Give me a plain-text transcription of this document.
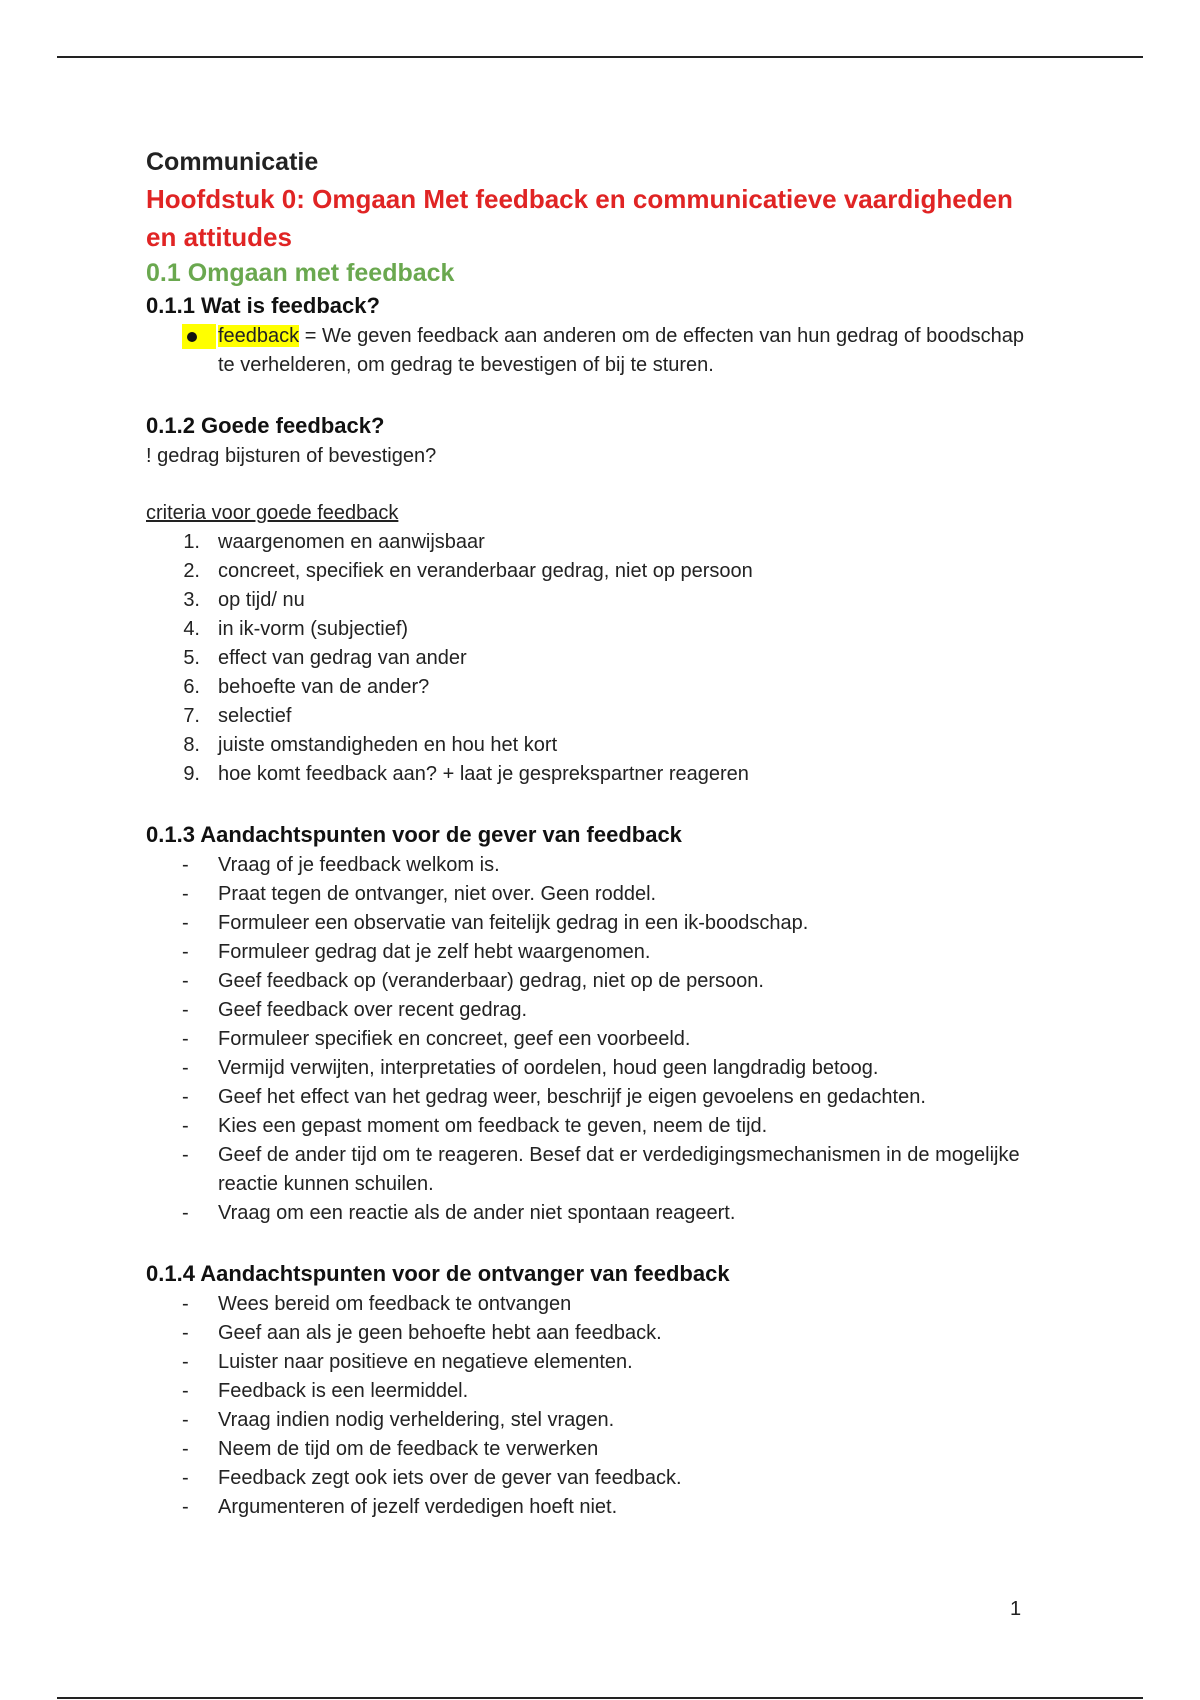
Communicatie
Hoofdstuk 0: Omgaan Met feedback en communicatieve vaardigheden en attitudes
0.1 Omgaan met feedback
0.1.1 Wat is feedback?
feedback = We geven feedback aan anderen om de effecten van hun gedrag of boodschap te verhelderen, om gedrag te bevestigen of bij te sturen.
0.1.2 Goede feedback?

! gedrag bijsturen of bevestigen?

criteria voor goede feedback

1. waargenomen en aanwijsbaar
2. concreet, specifiek en veranderbaar gedrag, niet op persoon
3. op tijd/ nu
4. in ik-vorm (subjectief)
5. effect van gedrag van ander
6. behoefte van de ander?
7. selectief
8. juiste omstandigheden en hou het kort
9. hoe komt feedback aan? + laat je gesprekspartner reageren
0.1.3 Aandachtspunten voor de gever van feedback
-	Vraag of je feedback welkom is.
-	Praat tegen de ontvanger, niet over. Geen roddel.
-	Formuleer een observatie van feitelijk gedrag in een ik-boodschap.
-	Formuleer gedrag dat je zelf hebt waargenomen.
-	Geef feedback op (veranderbaar) gedrag, niet op de persoon.
-	Geef feedback over recent gedrag.
-	Formuleer specifiek en concreet, geef een voorbeeld.
-	Vermijd verwijten, interpretaties of oordelen, houd geen langdradig betoog.
-	Geef het effect van het gedrag weer, beschrijf je eigen gevoelens en gedachten.
-	Kies een gepast moment om feedback te geven, neem de tijd.
-	Geef de ander tijd om te reageren. Besef dat er verdedigingsmechanismen in de mogelijke reactie kunnen schuilen.
-	Vraag om een reactie als de ander niet spontaan reageert.
0.1.4 Aandachtspunten voor de ontvanger van feedback
-	Wees bereid om feedback te ontvangen
-	Geef aan als je geen behoefte hebt aan feedback.
-	Luister naar positieve en negatieve elementen.
-	Feedback is een leermiddel.
-	Vraag indien nodig verheldering, stel vragen.
-	Neem de tijd om de feedback te verwerken
-	Feedback zegt ook iets over de gever van feedback.
-	Argumenteren of jezelf verdedigen hoeft niet.
1
